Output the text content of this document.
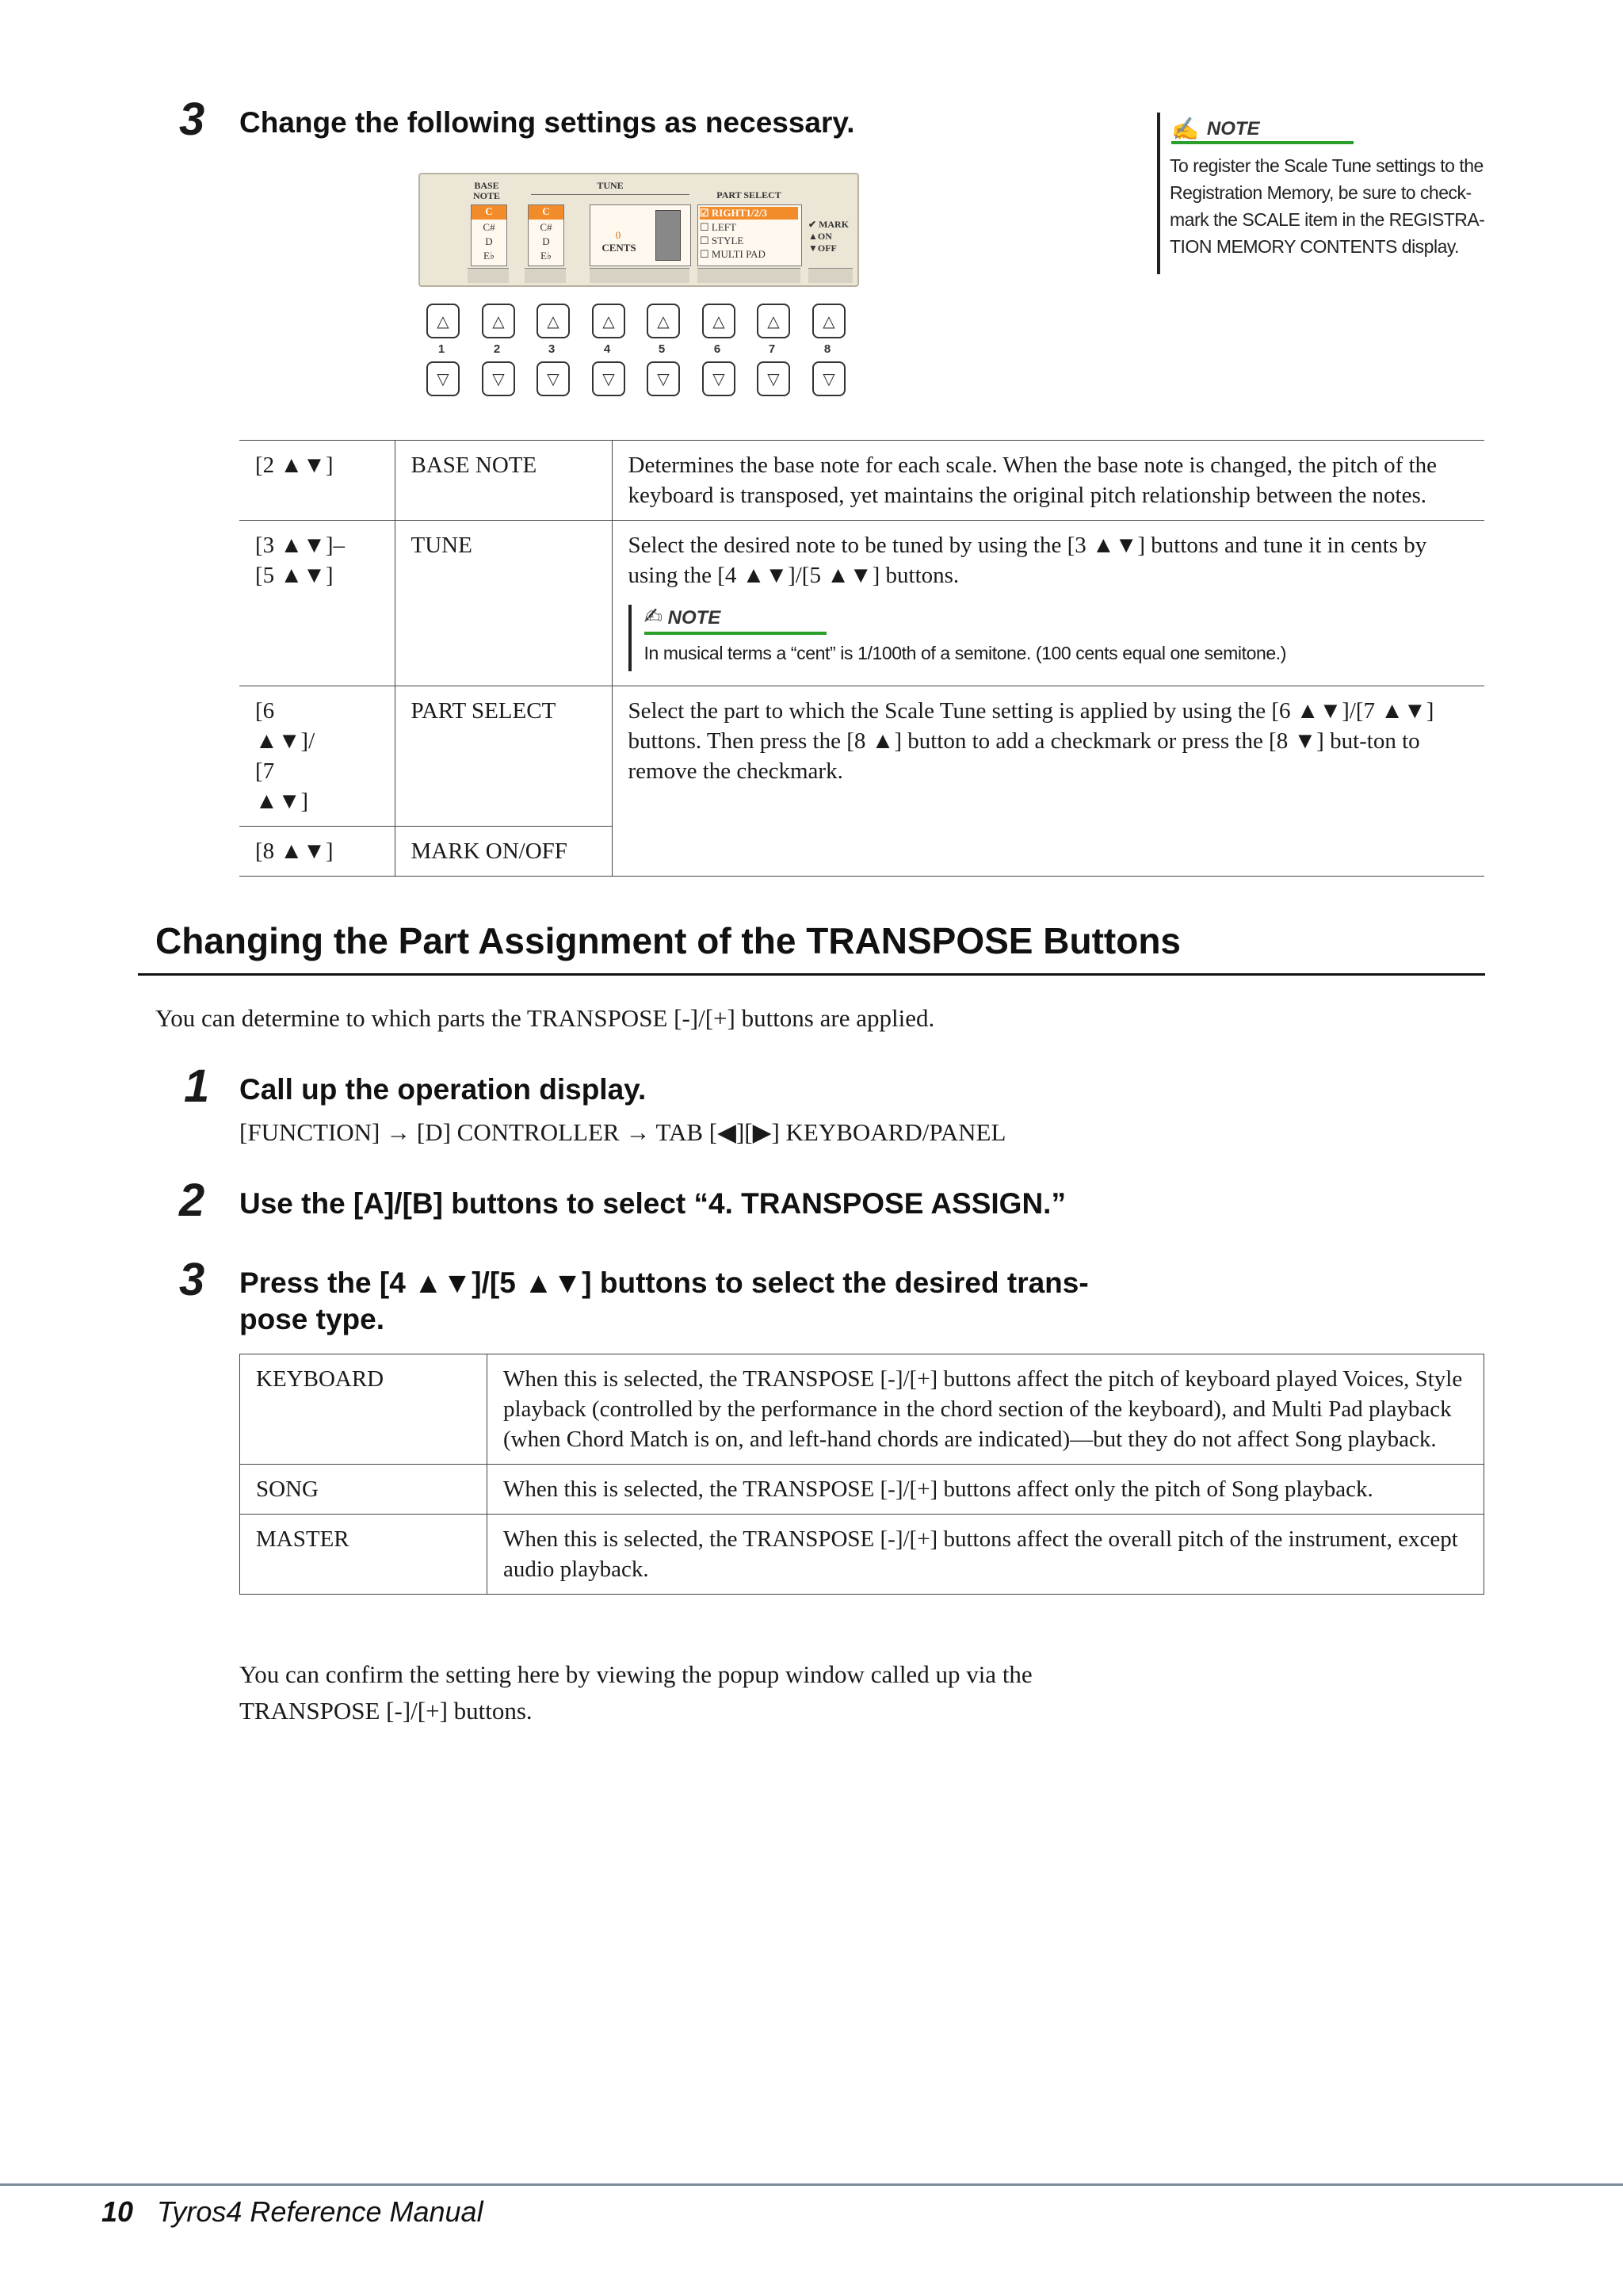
3 Change the following settings as necessary.	✍ NOTE
To register the Scale Tune settings to the
Registration Memory, be sure to check-
mark the SCALE item in the REGISTRA-
TION MEMORY CONTENTS display.
BASE NOTE
TUNE
PART SELECT
C
C#
D
E♭
C
C#
D
E♭
0
CENTS
☑ RIGHT1/2/3
☐ LEFT
☐ STYLE
☐ MULTI PAD
✔ MARK
▲ON
▼OFF
△
1
▽
△
2
▽
△
3
▽
△
4
▽
△
5
▽
△
6
▽
△
7
▽
△
8
▽
[2 ▲▼]	BASE NOTE	Determines the base note for each scale. When the base note is changed, the pitch of the keyboard is transposed, yet maintains the original pitch relationship between the notes.
[3 ▲▼]– [5 ▲▼]	TUNE	Select the desired note to be tuned by using the [3 ▲▼] buttons and tune it in cents by using the [4 ▲▼]/[5 ▲▼] buttons.
✍ NOTE
In musical terms a “cent” is 1/100th of a semitone. (100 cents equal one semitone.)

[6 ▲▼]/ [7 ▲▼]	PART SELECT	Select the part to which the Scale Tune setting is applied by using the [6 ▲▼]/[7 ▲▼] buttons. Then press the [8 ▲] button to add a checkmark or press the [8 ▼] but-ton to remove the checkmark.
[8 ▲▼]	MARK ON/OFF	
Changing the Part Assignment of the TRANSPOSE Buttons
You can determine to which parts the TRANSPOSE [-]/[+] buttons are applied.
1 Call up the operation display.
[FUNCTION] → [D] CONTROLLER → TAB [◀][▶] KEYBOARD/PANEL
2 Use the [A]/[B] buttons to select “4. TRANSPOSE ASSIGN.”
3 Press the [4 ▲▼]/[5 ▲▼] buttons to select the desired trans-
pose type.
KEYBOARD	When this is selected, the TRANSPOSE [-]/[+] buttons affect the pitch of keyboard played Voices, Style playback (controlled by the performance in the chord section of the keyboard), and Multi Pad playback (when Chord Match is on, and left-hand chords are indicated)—but they do not affect Song playback.
SONG	When this is selected, the TRANSPOSE [-]/[+] buttons affect only the pitch of Song playback.
MASTER	When this is selected, the TRANSPOSE [-]/[+] buttons affect the overall pitch of the instrument, except audio playback.
You can confirm the setting here by viewing the popup window called up via the
TRANSPOSE [-]/[+] buttons.
10 Tyros4 Reference Manual
